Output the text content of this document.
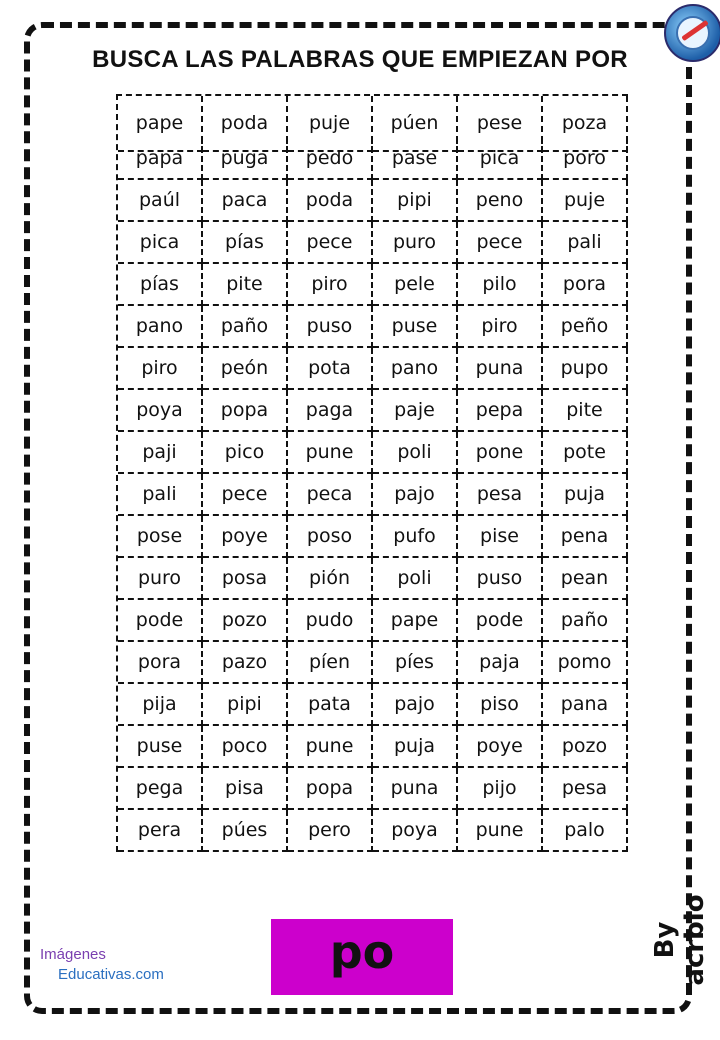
BUSCA LAS PALABRAS QUE EMPIEZAN POR
pape	poda	puje	púen	pese	poza
papa	puga	pedo	pase	pica	poro
paúl	paca	poda	pipi	peno	puje
pica	pías	pece	puro	pece	pali
pías	pite	piro	pele	pilo	pora
pano	paño	puso	puse	piro	peño
piro	peón	pota	pano	puna	pupo
poya	popa	paga	paje	pepa	pite
paji	pico	pune	poli	pone	pote
pali	pece	peca	pajo	pesa	puja
pose	poye	poso	pufo	pise	pena
puro	posa	pión	poli	puso	pean
pode	pozo	pudo	pape	pode	paño
pora	pazo	píen	píes	paja	pomo
pija	pipi	pata	pajo	piso	pana
puse	poco	pune	puja	poye	pozo
pega	pisa	popa	puna	pijo	pesa
pera	púes	pero	poya	pune	palo
po
Imágenes
Educativas.com
By acrbio
